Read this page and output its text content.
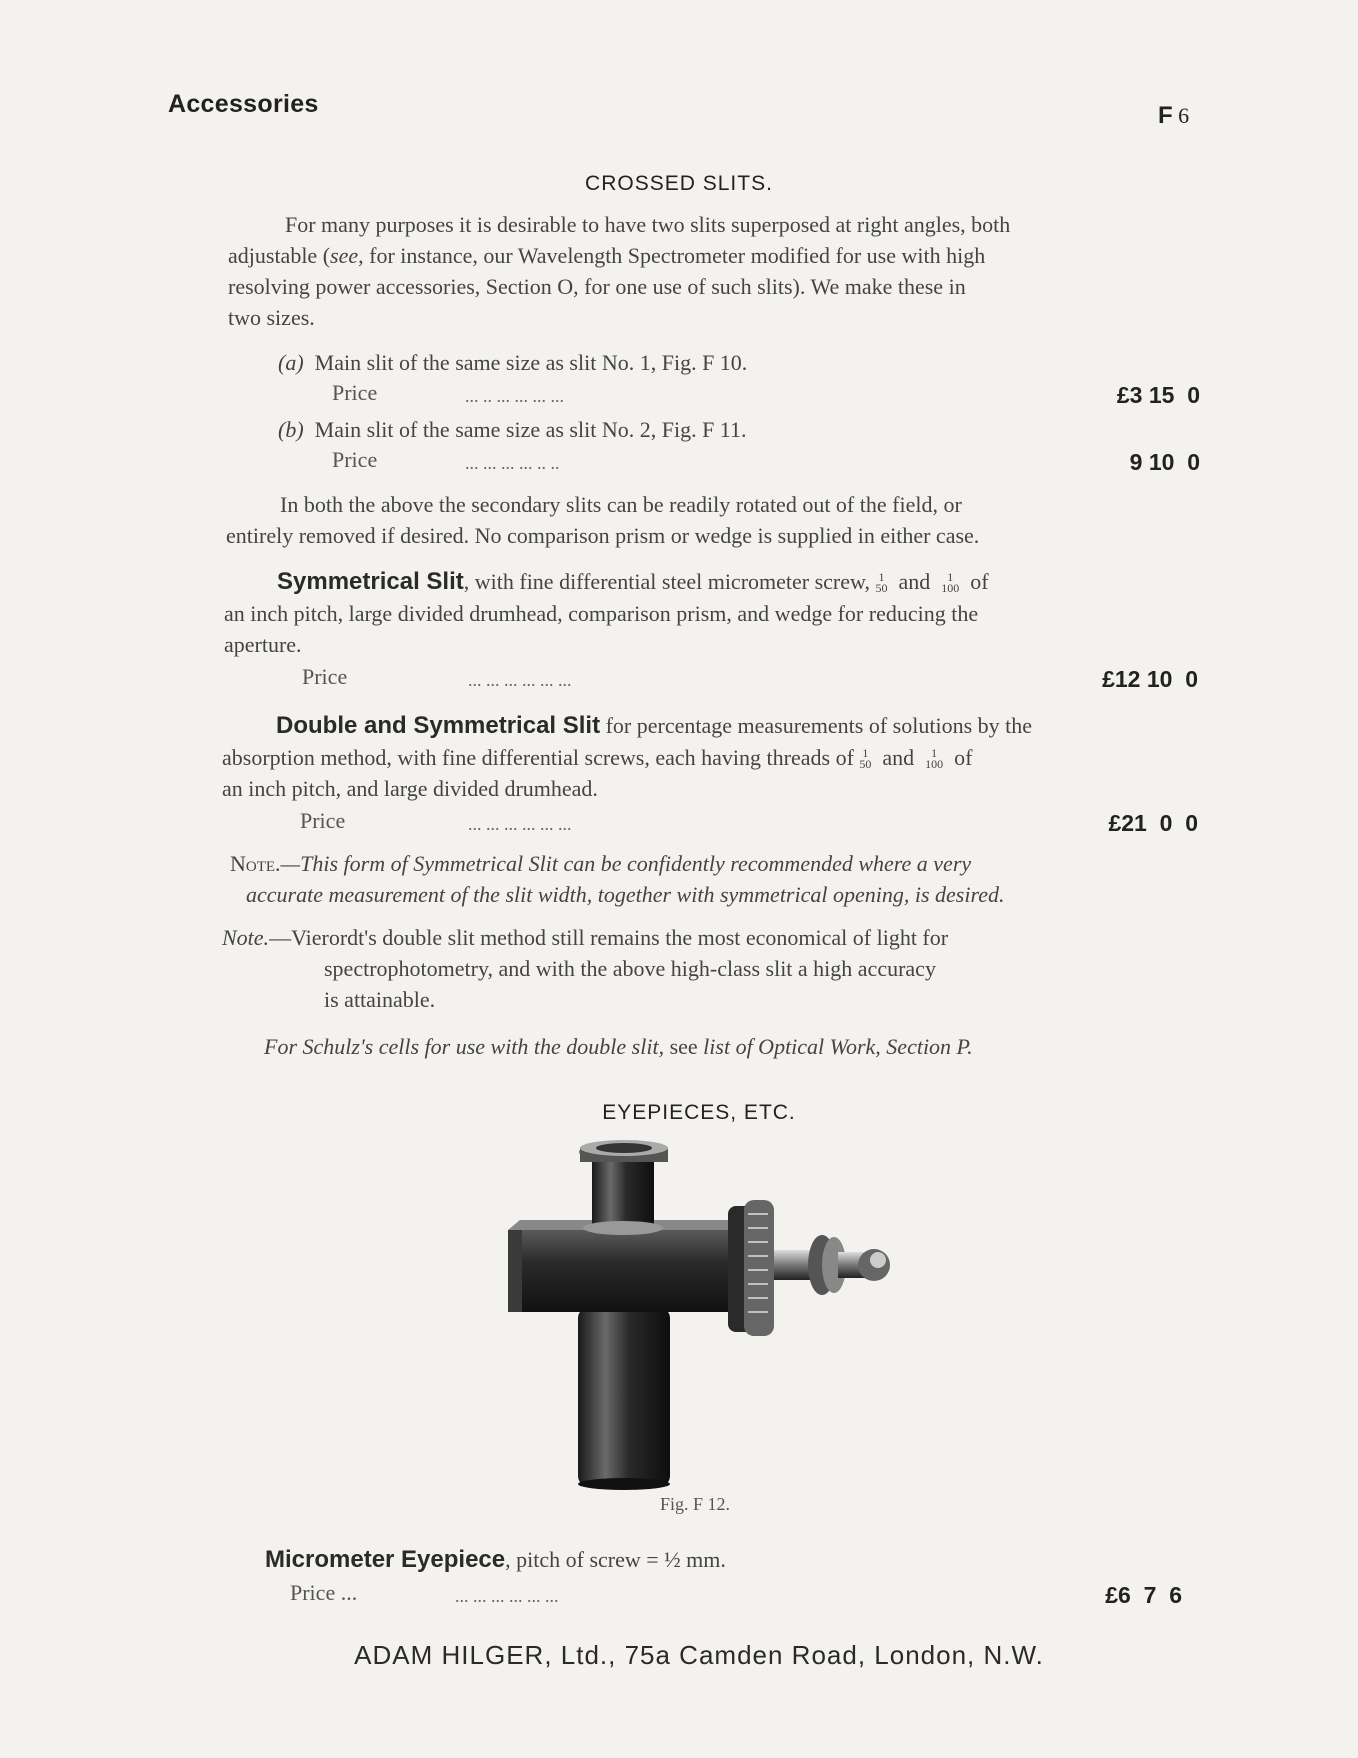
Accessories	F 6
CROSSED SLITS.
For many purposes it is desirable to have two slits superposed at right angles, both
adjustable (see, for instance, our Wavelength Spectrometer modified for use with high
resolving power accessories, Section O, for one use of such slits). We make these in
two sizes.
(a) Main slit of the same size as slit No. 1, Fig. F 10.
Price	... .. ... ... ... ...	£3 15  0
(b) Main slit of the same size as slit No. 2, Fig. F 11.
Price	... ... ... ... .. ..	9 10  0
In both the above the secondary slits can be readily rotated out of the field, or
entirely removed if desired. No comparison prism or wedge is supplied in either case.
Symmetrical Slit, with fine differential steel micrometer screw, 1
50 and	1
100 of
an inch pitch, large divided drumhead, comparison prism, and wedge for reducing the
aperture.
Price	... ... ... ... ... ...	£12 10  0
Double and Symmetrical Slit for percentage measurements of solutions by the
absorption method, with fine differential screws, each having threads of 1
50 and	1
100 of
an inch pitch, and large divided drumhead.
Price	... ... ... ... ... ...	£21  0  0
Note.—This form of Symmetrical Slit can be confidently recommended where a very
accurate measurement of the slit width, together with symmetrical opening, is desired.
Note.—Vierordt's double slit method still remains the most economical of light for
spectrophotometry, and with the above high-class slit a high accuracy
is attainable.
For Schulz's cells for use with the double slit, see list of Optical Work, Section P.
EYEPIECES, ETC.
Fig. F 12.
Micrometer Eyepiece, pitch of screw = ½ mm.
Price ...	... ... ... ... ... ...	£6  7  6
ADAM HILGER, Ltd., 75a Camden Road, London, N.W.
